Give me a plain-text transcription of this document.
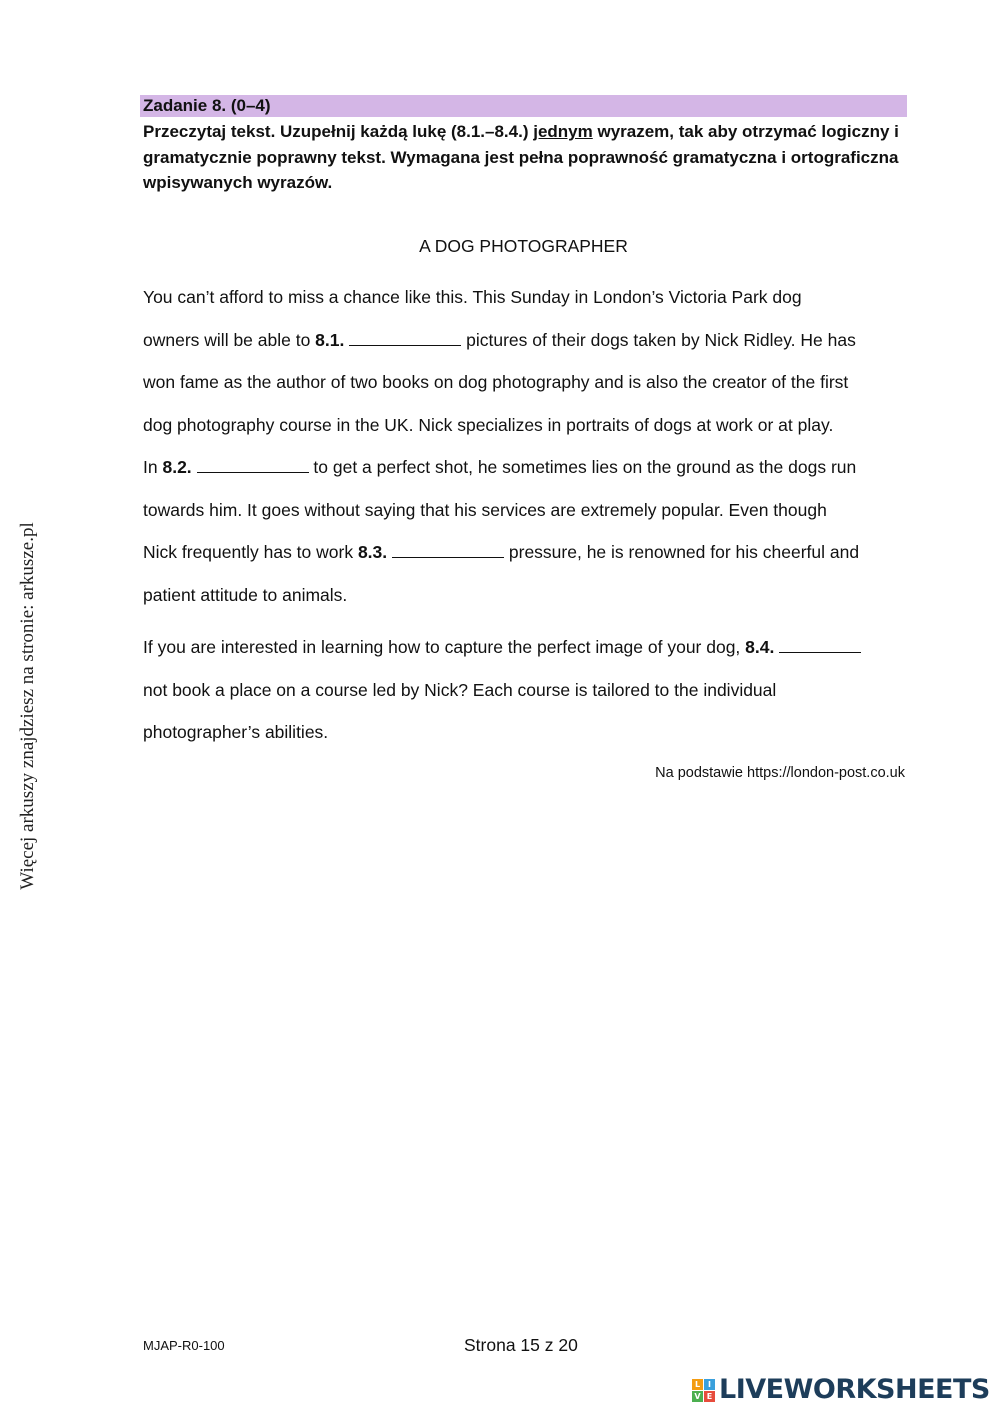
Więcej arkuszy znajdziesz na stronie: arkusze.pl
Zadanie 8. (0–4)
Przeczytaj tekst. Uzupełnij każdą lukę (8.1.–8.4.) jednym wyrazem, tak aby otrzymać logiczny i gramatycznie poprawny tekst. Wymagana jest pełna poprawność gramatyczna i ortograficzna wpisywanych wyrazów.
A DOG PHOTOGRAPHER

You can’t afford to miss a chance like this. This Sunday in London’s Victoria Park dog

owners will be able to 8.1.	pictures of their dogs taken by Nick Ridley. He has

won fame as the author of two books on dog photography and is also the creator of the first

dog photography course in the UK. Nick specializes in portraits of dogs at work or at play.

In 8.2.	to get a perfect shot, he sometimes lies on the ground as the dogs run

towards him. It goes without saying that his services are extremely popular. Even though

Nick frequently has to work 8.3.	pressure, he is renowned for his cheerful and

patient attitude to animals.

If you are interested in learning how to capture the perfect image of your dog, 8.4.

not book a place on a course led by Nick? Each course is tailored to the individual

photographer’s abilities.

Na podstawie https://london-post.co.uk
MJAP-R0-100	Strona 15 z 20
L I
V E LIVEWORKSHEETS
